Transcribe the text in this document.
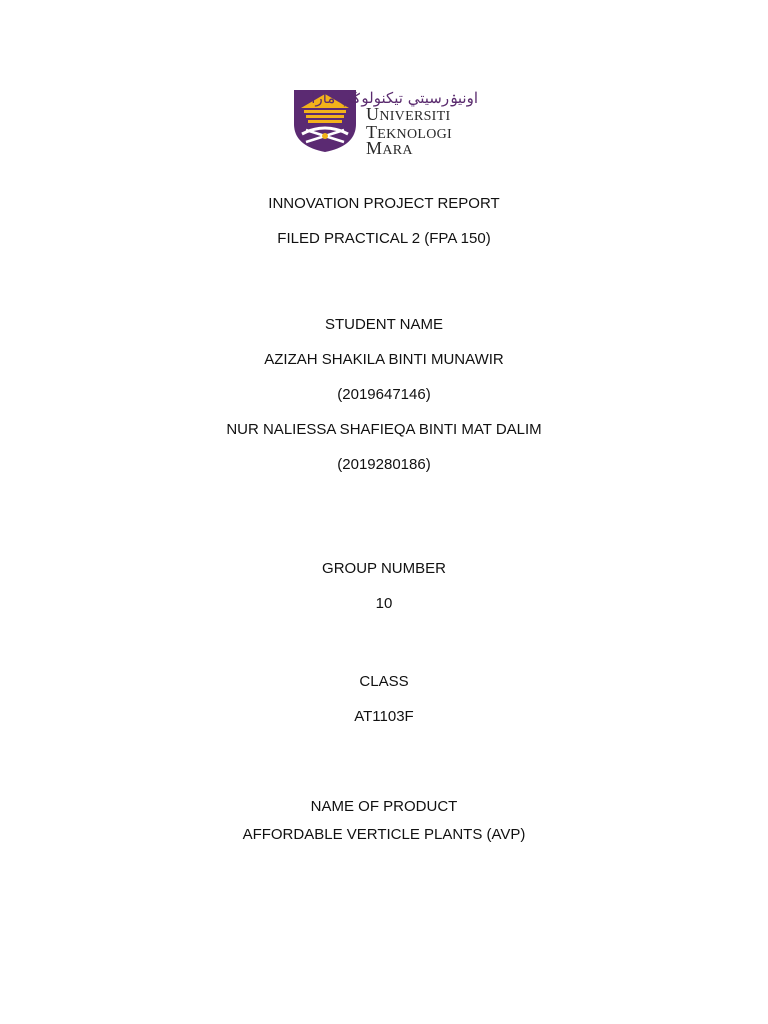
اونيۏرسيتي تيكنولوݢي مارا
UNIVERSITI
TEKNOLOGI
MARA
INNOVATION PROJECT REPORT
FILED PRACTICAL 2 (FPA 150)
STUDENT NAME
AZIZAH SHAKILA BINTI MUNAWIR
(2019647146)
NUR NALIESSA SHAFIEQA BINTI MAT DALIM
(2019280186)
GROUP NUMBER
10
CLASS
AT1103F
NAME OF PRODUCT
AFFORDABLE VERTICLE PLANTS (AVP)
